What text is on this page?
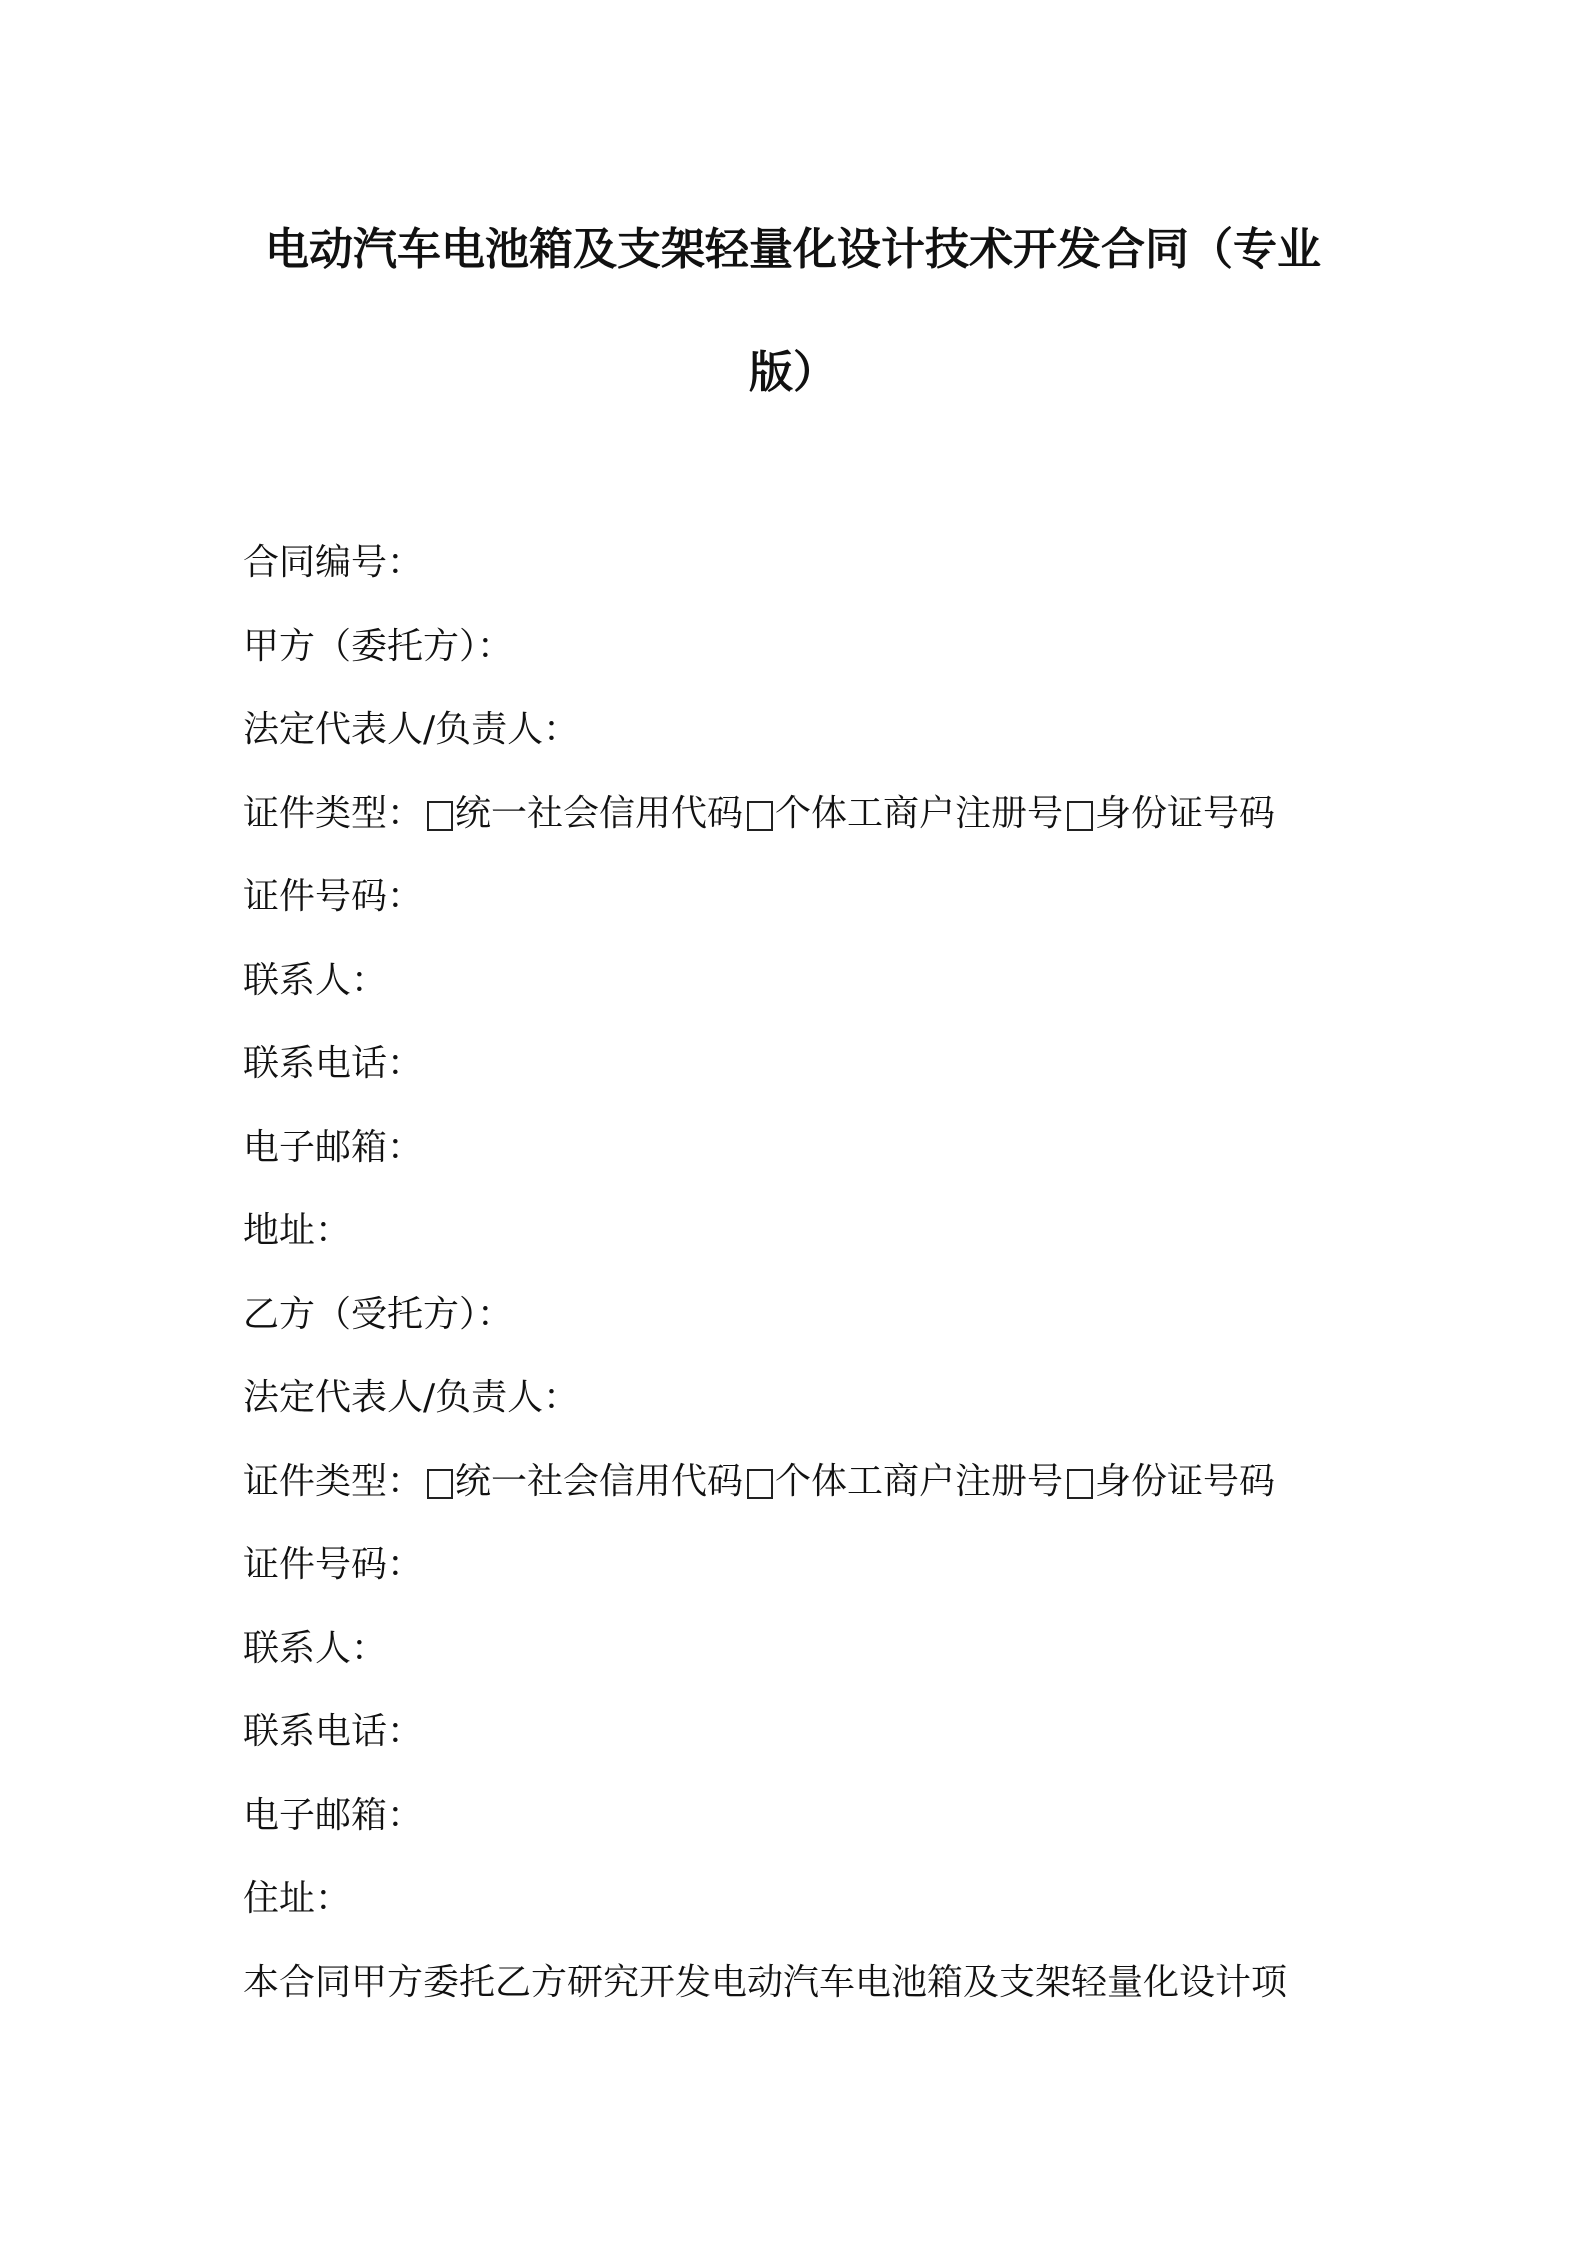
电动汽车电池箱及支架轻量化设计技术开发合同（专业
版）
合同编号：
甲方（委托方）：
法定代表人/负责人：
证件类型： 统一社会信用代码 个体工商户注册号 身份证号码
证件号码：
联系人：
联系电话：
电子邮箱：
地址：
乙方（受托方）：
法定代表人/负责人：
证件类型： 统一社会信用代码 个体工商户注册号 身份证号码
证件号码：
联系人：
联系电话：
电子邮箱：
住址：
本合同甲方委托乙方研究开发电动汽车电池箱及支架轻量化设计项
